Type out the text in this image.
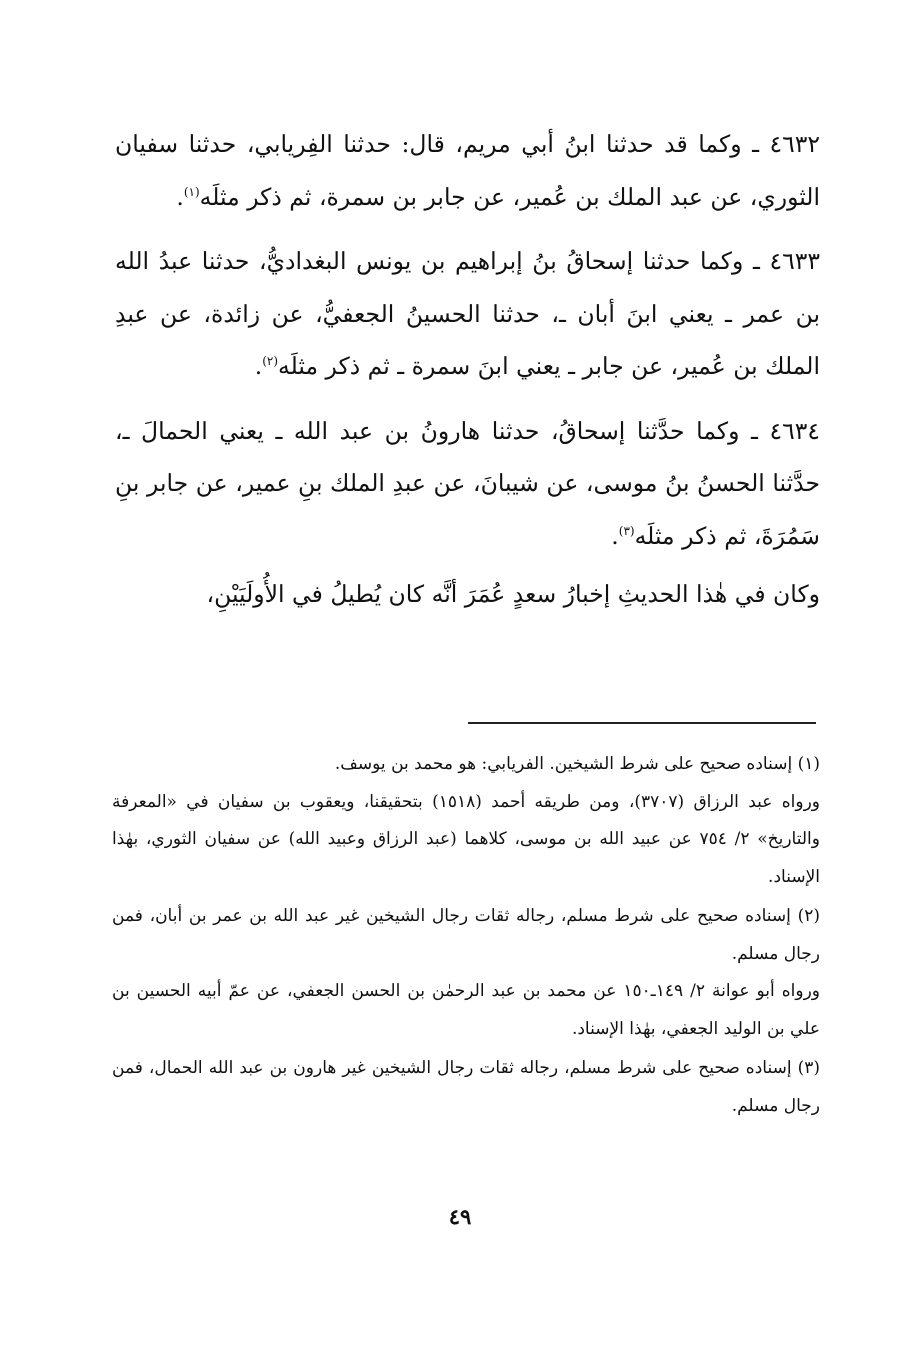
٤٦٣٢ ـ وكما قد حدثنا ابنُ أبي مريم، قال: حدثنا الفِريابي، حدثنا سفيان الثوري، عن عبد الملك بن عُمير، عن جابر بن سمرة، ثم ذكر مثلَه$^{(١)}$.

٤٦٣٣ ـ وكما حدثنا إسحاقُ بنُ إبراهيم بن يونس البغداديُّ، حدثنا عبدُ الله بن عمر ـ يعني ابنَ أبان ـ، حدثنا الحسينُ الجعفيُّ، عن زائدة، عن عبدِ الملك بن عُمير، عن جابر ـ يعني ابنَ سمرة ـ ثم ذكر مثلَه$^{(٢)}$.

٤٦٣٤ ـ وكما حدَّثنا إسحاقُ، حدثنا هارونُ بن عبد الله ـ يعني الحمالَ ـ، حدَّثنا الحسنُ بنُ موسى، عن شيبانَ، عن عبدِ الملك بنِ عمير، عن جابر بنِ سَمُرَةَ، ثم ذكر مثلَه$^{(٣)}$.

وكان في هٰذا الحديثِ إخبارُ سعدٍ عُمَرَ أنَّه كان يُطيلُ في الأُولَيَيْنِ،

(١) إسناده صحيح على شرط الشيخين. الفريابي: هو محمد بن يوسف.

ورواه عبد الرزاق (٣٧٠٧)، ومن طريقه أحمد (١٥١٨) بتحقيقنا، ويعقوب بن سفيان في «المعرفة والتاريخ» ٢/ ٧٥٤ عن عبيد الله بن موسى، كلاهما (عبد الرزاق وعبيد الله) عن سفيان الثوري، بهٰذا الإسناد.

(٢) إسناده صحيح على شرط مسلم، رجاله ثقات رجال الشيخين غير عبد الله بن عمر بن أبان، فمن رجال مسلم.

ورواه أبو عوانة ٢/ ١٤٩ـ١٥٠ عن محمد بن عبد الرحمٰن بن الحسن الجعفي، عن عمّ أبيه الحسين بن علي بن الوليد الجعفي، بهٰذا الإسناد.

(٣) إسناده صحيح على شرط مسلم، رجاله ثقات رجال الشيخين غير هارون بن عبد الله الحمال، فمن رجال مسلم.

٤٩
